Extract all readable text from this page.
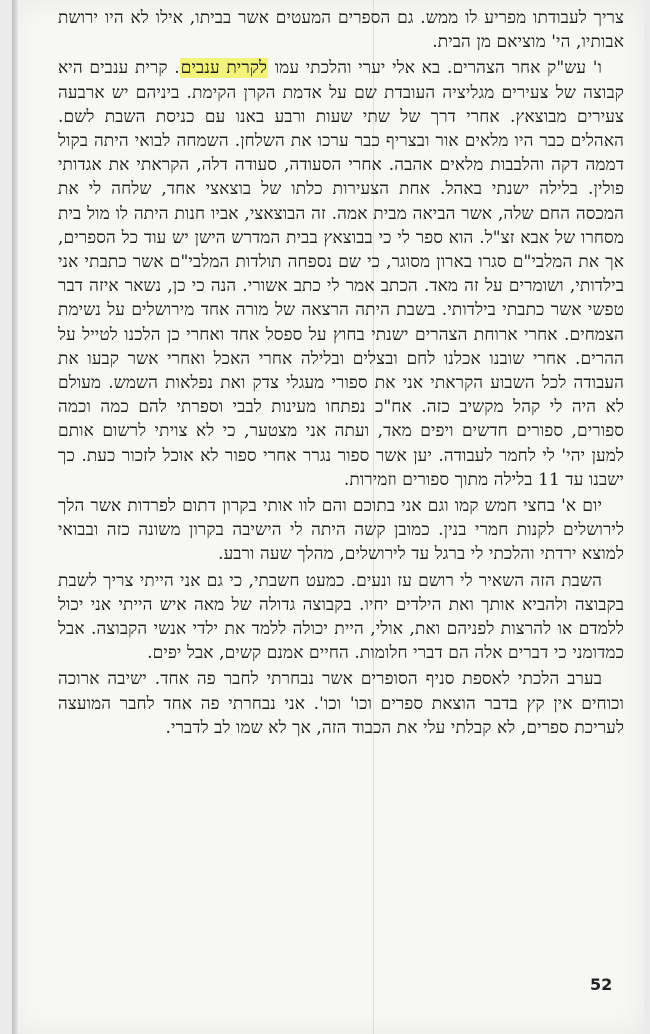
צריך לעבודתו מפריע לו ממש. גם הספרים המעטים אשר בביתו, אילו לא היו ירושת אבותיו, הי' מוציאם מן הבית.

ו' עש"ק אחר הצהרים. בא אלי יערי והלכתי עמו לקרית ענבים. קרית ענבים היא קבוצה של צעירים מגליציה העובדת שם על אדמת הקרן הקימת. ביניהם יש ארבעה צעירים מבוצאץ. אחרי דרך של שתי שעות ורבע באנו עם כניסת השבת לשם. האהלים כבר היו מלאים אור ובצריף כבר ערכו את השלחן. השמחה לבואי היתה בקול דממה דקה והלבבות מלאים אהבה. אחרי הסעודה, סעודה דלה, הקראתי את אגדותי פולין. בלילה ישנתי באהל. אחת הצעירות כלתו של בוצאצי אחד, שלחה לי את המכסה החם שלה, אשר הביאה מבית אמה. זה הבוצאצי, אביו חנות היתה לו מול בית מסחרו של אבא זצ"ל. הוא ספר לי כי בבוצאץ בבית המדרש הישן יש עוד כל הספרים, אך את המלבי"ם סגרו בארון מסוגר, כי שם נספחה תולדות המלבי"ם אשר כתבתי אני בילדותי, ושומרים על זה מאד. הכתב אמר לי כתב אשורי. הנה כי כן, נשאר איזה דבר טפשי אשר כתבתי בילדותי. בשבת היתה הרצאה של מורה אחד מירושלים על נשימת הצמחים. אחרי ארוחת הצהרים ישנתי בחוץ על ספסל אחד ואחרי כן הלכנו לטייל על ההרים. אחרי שובנו אכלנו לחם ובצלים ובלילה אחרי האכל ואחרי אשר קבעו את העבודה לכל השבוע הקראתי אני את ספורי מעגלי צדק ואת נפלאות השמש. מעולם לא היה לי קהל מקשיב כזה. אח"כ נפתחו מעינות לבבי וספרתי להם כמה וכמה ספורים, ספורים חדשים ויפים מאד, ועתה אני מצטער, כי לא צויתי לרשום אותם למען יהי' לי לחמר לעבודה. יען אשר ספור נגרר אחרי ספור לא אוכל לזכור כעת. כך ישבנו עד 11 בלילה מתוך ספורים וזמירות.

יום א' בחצי חמש קמו וגם אני בתוכם והם לוו אותי בקרון דתום לפרדות אשר הלך לירושלים לקנות חמרי בנין. כמובן קשה היתה לי הישיבה בקרון משונה כזה ובבואי למוצא ירדתי והלכתי לי ברגל עד לירושלים, מהלך שעה ורבע.

השבת הזה השאיר לי רושם עז ונעים. כמעט חשבתי, כי גם אני הייתי צריך לשבת בקבוצה ולהביא אותך ואת הילדים יחיו. בקבוצה גדולה של מאה איש הייתי אני יכול ללמדם או להרצות לפניהם ואת, אולי, היית יכולה ללמד את ילדי אנשי הקבוצה. אבל כמדומני כי דברים אלה הם דברי חלומות. החיים אמנם קשים, אבל יפים.

בערב הלכתי לאספת סניף הסופרים אשר נבחרתי לחבר פה אחד. ישיבה ארוכה וכוחים אין קץ בדבר הוצאת ספרים וכו' וכו'. אני נבחרתי פה אחד לחבר המועצה לעריכת ספרים, לא קבלתי עלי את הכבוד הזה, אך לא שמו לב לדברי.

52
